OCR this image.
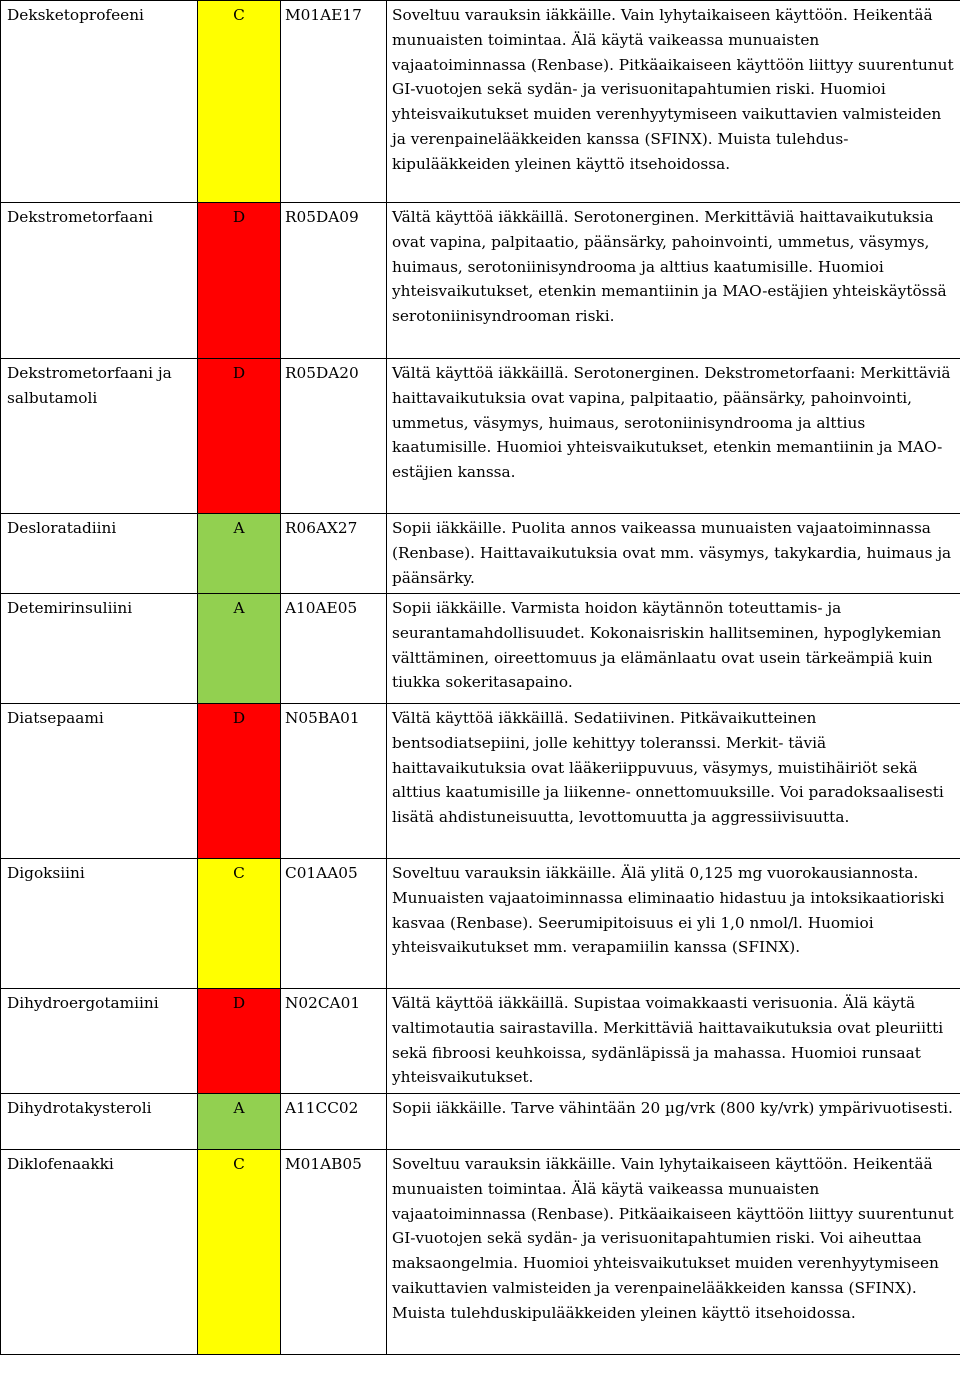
Deksketoprofeeni	C	M01AE17	Soveltuu varauksin iäkkäille. Vain lyhytaikaiseen käyttöön. Heikentää munuaisten toimintaa. Älä käytä vaikeassa munuaisten vajaatoiminnassa (Renbase). Pitkäaikaiseen käyttöön liittyy suurentunut GI-vuotojen sekä sydän- ja verisuonitapahtumien riski. Huomioi yhteisvaikutukset muiden verenhyytymiseen vaikuttavien valmisteiden ja verenpainelääkkeiden kanssa (SFINX). Muista tulehdus- kipulääkkeiden yleinen käyttö itsehoidossa.
Dekstrometorfaani	D	R05DA09	Vältä käyttöä iäkkäillä. Serotonerginen. Merkittäviä haittavaikutuksia ovat vapina, palpitaatio, päänsärky, pahoinvointi, ummetus, väsymys, huimaus, serotoniinisyndrooma ja alttius kaatumisille. Huomioi yhteisvaikutukset, etenkin memantiinin ja MAO-estäjien yhteiskäytössä serotoniinisyndrooman riski.
Dekstrometorfaani ja salbutamoli	D	R05DA20	Vältä käyttöä iäkkäillä. Serotonerginen. Dekstrometorfaani: Merkittäviä haittavaikutuksia ovat vapina, palpitaatio, päänsärky, pahoinvointi, ummetus, väsymys, huimaus, serotoniinisyndrooma ja alttius kaatumisille. Huomioi yhteisvaikutukset, etenkin memantiinin ja MAO-estäjien kanssa.
Desloratadiini	A	R06AX27	Sopii iäkkäille. Puolita annos vaikeassa munuaisten vajaatoiminnassa (Renbase). Haittavaikutuksia ovat mm. väsymys, takykardia, huimaus ja päänsärky.
Detemirinsuliini	A	A10AE05	Sopii iäkkäille. Varmista hoidon käytännön toteuttamis- ja seurantamahdollisuudet. Kokonaisriskin hallitseminen, hypoglykemian välttäminen, oireettomuus ja elämänlaatu ovat usein tärkeämpiä kuin tiukka sokeritasapaino.
Diatsepaami	D	N05BA01	Vältä käyttöä iäkkäillä. Sedatiivinen. Pitkävaikutteinen bentsodiatsepiini, jolle kehittyy toleranssi. Merkit- täviä haittavaikutuksia ovat lääkeriippuvuus, väsymys, muistihäiriöt sekä alttius kaatumisille ja liikenne- onnettomuuksille. Voi paradoksaalisesti lisätä ahdistuneisuutta, levottomuutta ja aggressiivisuutta.
Digoksiini	C	C01AA05	Soveltuu varauksin iäkkäille. Älä ylitä 0,125 mg vuorokausiannosta. Munuaisten vajaatoiminnassa eliminaatio hidastuu ja intoksikaatioriski kasvaa (Renbase). Seerumipitoisuus ei yli 1,0 nmol/l. Huomioi yhteisvaikutukset mm. verapamiilin kanssa (SFINX).
Dihydroergotamiini	D	N02CA01	Vältä käyttöä iäkkäillä. Supistaa voimakkaasti verisuonia. Älä käytä valtimotautia sairastavilla. Merkittäviä haittavaikutuksia ovat pleuriitti sekä fibroosi keuhkoissa, sydänläpissä ja mahassa. Huomioi runsaat yhteisvaikutukset.
Dihydrotakysteroli	A	A11CC02	Sopii iäkkäille. Tarve vähintään 20 µg/vrk (800 ky/vrk) ympärivuotisesti.
Diklofenaakki	C	M01AB05	Soveltuu varauksin iäkkäille. Vain lyhytaikaiseen käyttöön. Heikentää munuaisten toimintaa. Älä käytä vaikeassa munuaisten vajaatoiminnassa (Renbase). Pitkäaikaiseen käyttöön liittyy suurentunut GI-vuotojen sekä sydän- ja verisuonitapahtumien riski. Voi aiheuttaa maksaongelmia. Huomioi yhteisvaikutukset muiden verenhyytymiseen vaikuttavien valmisteiden ja verenpainelääkkeiden kanssa (SFINX). Muista tulehduskipulääkkeiden yleinen käyttö itsehoidossa.
